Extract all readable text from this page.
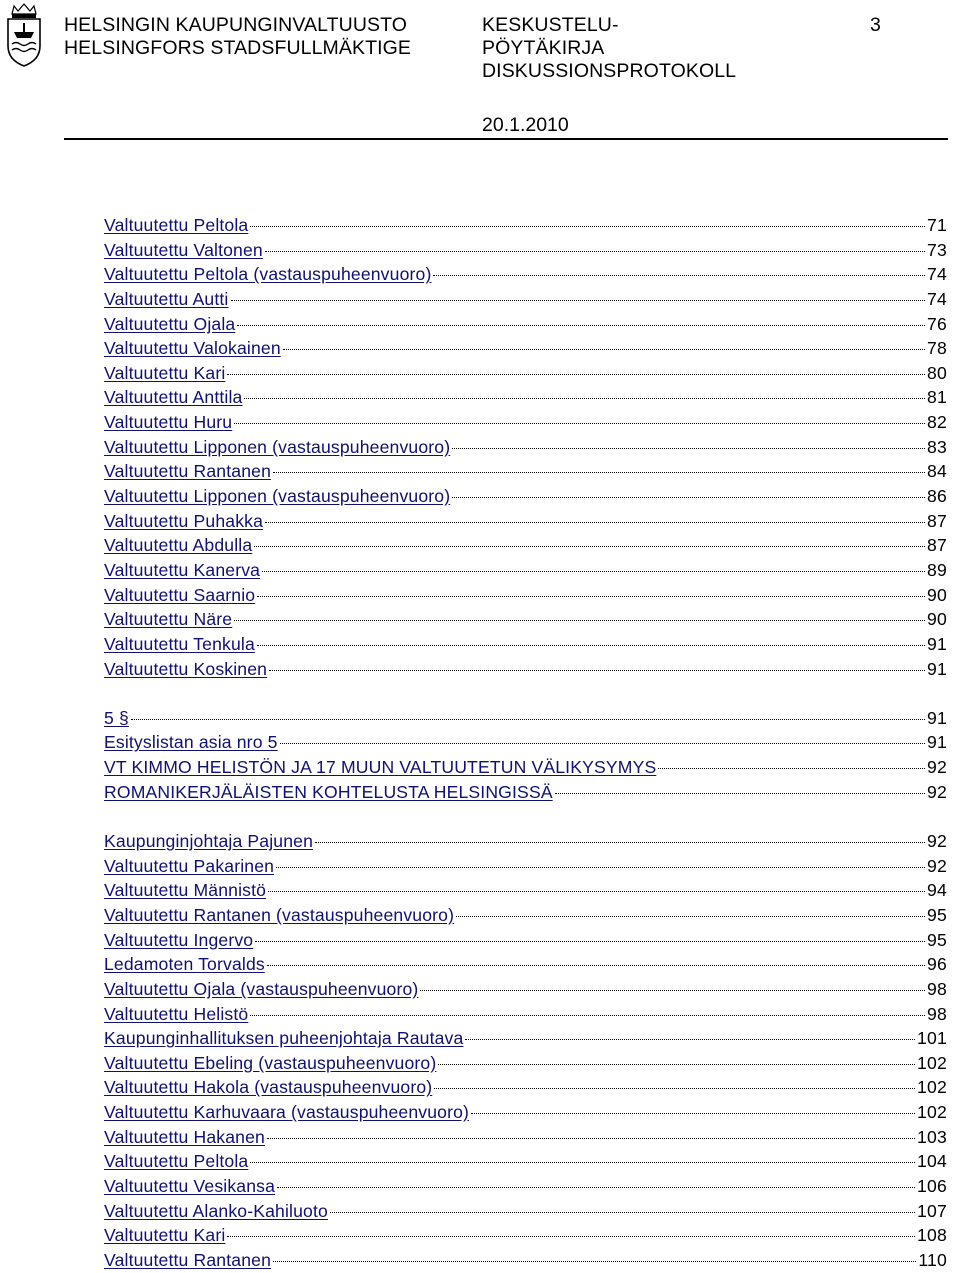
HELSINGIN KAUPUNGINVALTUUSTO
HELSINGFORS STADSFULLMÄKTIGE
KESKUSTELU-
PÖYTÄKIRJA
DISKUSSIONSPROTOKOLL
3
20.1.2010
Valtuutettu Peltola	71
Valtuutettu Valtonen	73
Valtuutettu Peltola (vastauspuheenvuoro)	74
Valtuutettu Autti	74
Valtuutettu Ojala	76
Valtuutettu Valokainen	78
Valtuutettu Kari	80
Valtuutettu Anttila	81
Valtuutettu Huru	82
Valtuutettu Lipponen (vastauspuheenvuoro)	83
Valtuutettu Rantanen	84
Valtuutettu Lipponen (vastauspuheenvuoro)	86
Valtuutettu Puhakka	87
Valtuutettu Abdulla	87
Valtuutettu Kanerva	89
Valtuutettu Saarnio	90
Valtuutettu Näre	90
Valtuutettu Tenkula	91
Valtuutettu Koskinen	91
5 §	91
Esityslistan asia nro 5	91
VT KIMMO HELISTÖN JA 17 MUUN VALTUUTETUN VÄLIKYSYMYS	92
ROMANIKERJÄLÄISTEN KOHTELUSTA HELSINGISSÄ	92
Kaupunginjohtaja Pajunen	92
Valtuutettu Pakarinen	92
Valtuutettu Männistö	94
Valtuutettu Rantanen (vastauspuheenvuoro)	95
Valtuutettu Ingervo	95
Ledamoten Torvalds	96
Valtuutettu Ojala (vastauspuheenvuoro)	98
Valtuutettu Helistö	98
Kaupunginhallituksen puheenjohtaja Rautava	101
Valtuutettu Ebeling (vastauspuheenvuoro)	102
Valtuutettu Hakola (vastauspuheenvuoro)	102
Valtuutettu Karhuvaara (vastauspuheenvuoro)	102
Valtuutettu Hakanen	103
Valtuutettu Peltola	104
Valtuutettu Vesikansa	106
Valtuutettu Alanko-Kahiluoto	107
Valtuutettu Kari	108
Valtuutettu Rantanen	110
